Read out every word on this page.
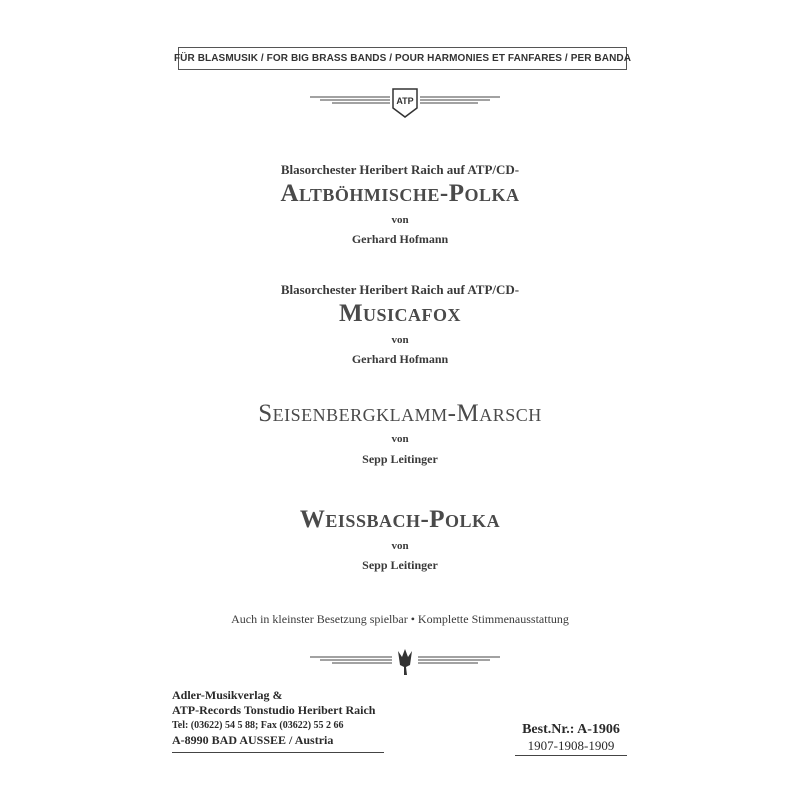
FÜR BLASMUSIK / FOR BIG BRASS BANDS / POUR HARMONIES ET FANFARES / PER BANDA
ATP
Blasorchester Heribert Raich auf ATP/CD-
Altböhmische-Polka
von
Gerhard Hofmann
Blasorchester Heribert Raich auf ATP/CD-
Musicafox
von
Gerhard Hofmann
Seisenbergklamm-Marsch
von
Sepp Leitinger
Weissbach-Polka
von
Sepp Leitinger
Auch in kleinster Besetzung spielbar • Komplette Stimmenausstattung
Adler-Musikverlag &
ATP-Records Tonstudio Heribert Raich
Tel: (03622) 54 5 88; Fax (03622) 55 2 66
A-8990 BAD AUSSEE / Austria
Best.Nr.: A-1906
1907-1908-1909
